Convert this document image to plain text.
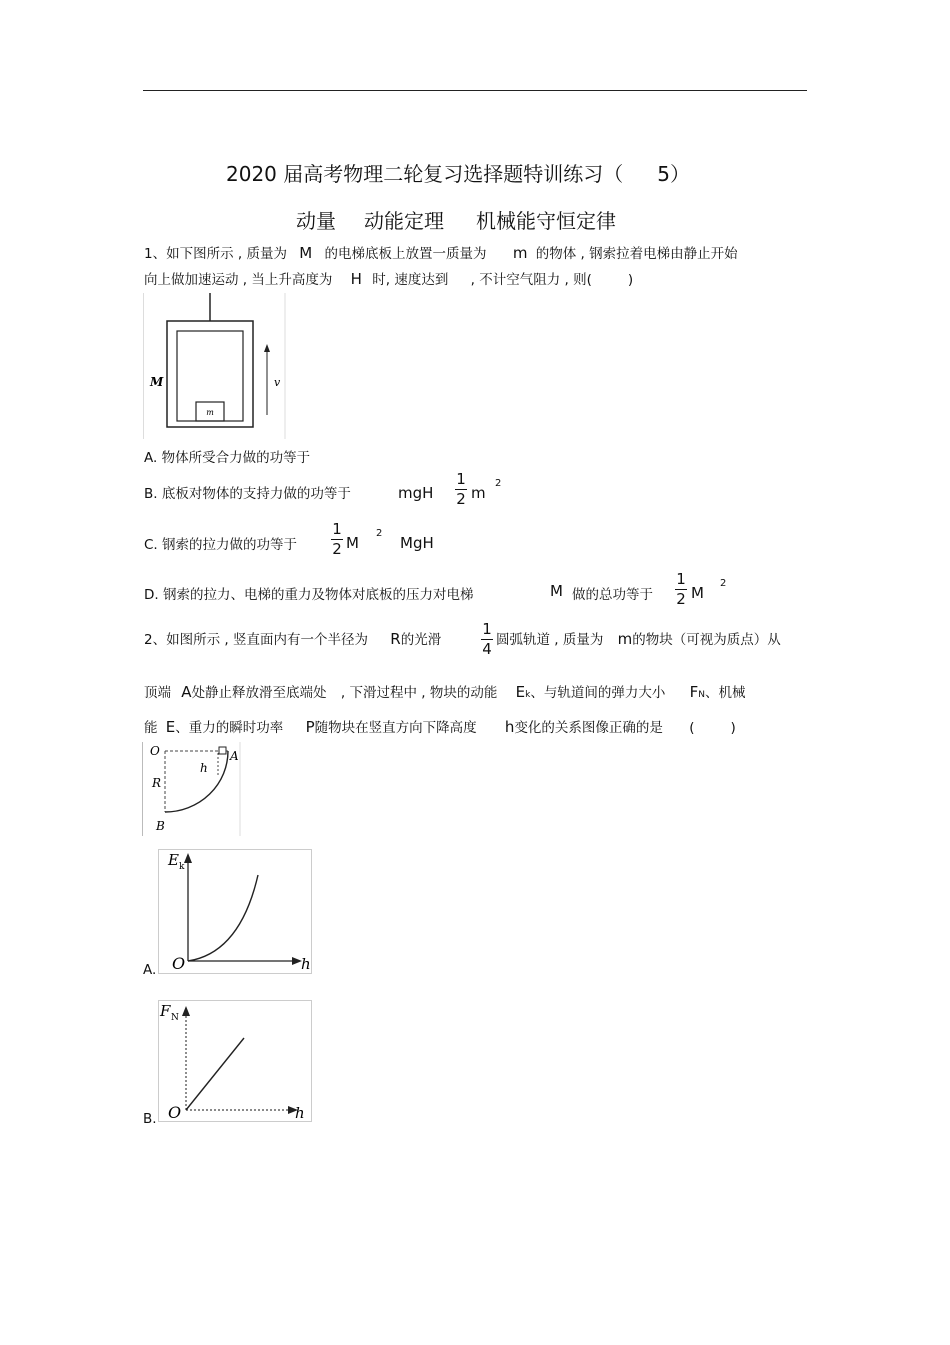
2020 届高考物理二轮复习选择题特训练习（ 5）
动量 动能定理 机械能守恒定律
1、如下图所示 , 质量为 M 的电梯底板上放置一质量为 m 的物体 , 钢索拉着电梯由静止开始
向上做加速运动 , 当上升高度为 H 时, 速度达到 , 不计空气阻力 , 则(	)
m
M	v
A. 物体所受合力做的功等于
B. 底板对物体的支持力做的功等于	mgH
1
2 m
2
C. 钢索的拉力做的功等于
1
2 M
2
MgH
D. 钢索的拉力、电梯的重力及物体对底板的压力对电梯	M 做的总功等于
1
2 M
2
2、如图所示 , 竖直面内有一个半径为 R的光滑
1
4 圆弧轨道 , 质量为 m的物块（可视为质点）从
顶端 A处静止释放滑至底端处 , 下滑过程中 , 物块的动能 Ek、与轨道间的弹力大小 FN、机械
能 E、重力的瞬时功率 P随物块在竖直方向下降高度 h变化的关系图像正确的是 (	)
O
R
h
A
B
A.
E k
O	h
B.
F N
O	h
